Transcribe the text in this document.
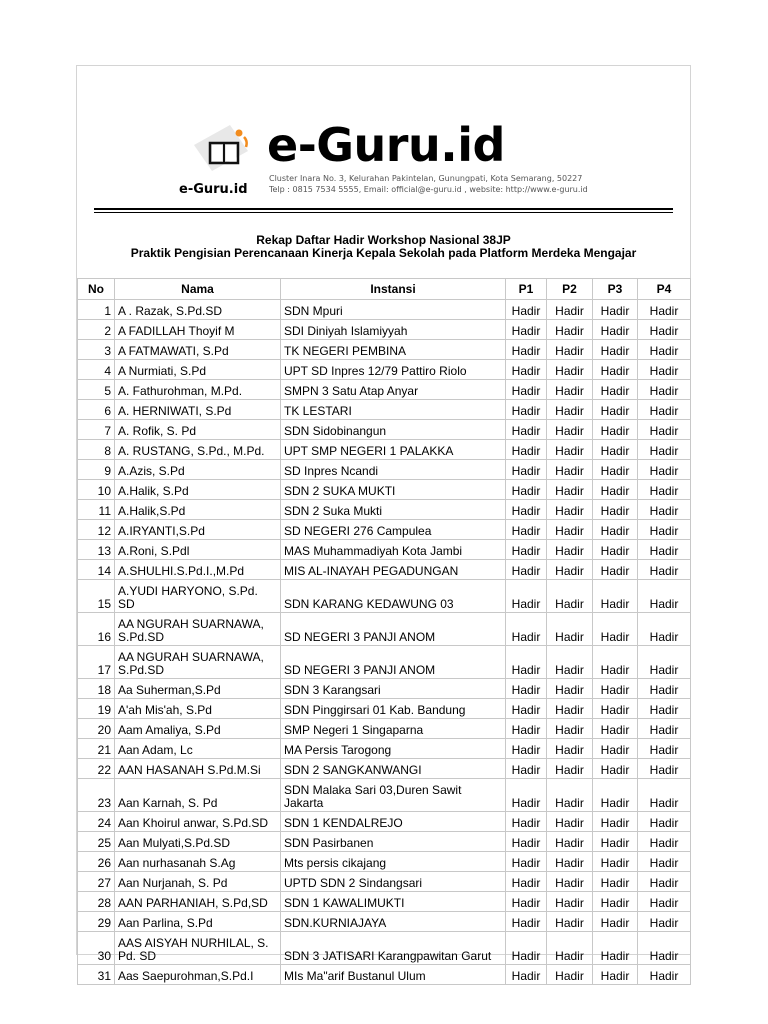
e-Guru.id
e-Guru.id
Cluster Inara No. 3, Kelurahan Pakintelan, Gunungpati, Kota Semarang, 50227
Telp : 0815 7534 5555, Email: official@e-guru.id , website: http://www.e-guru.id
Rekap Daftar Hadir Workshop Nasional 38JP
Praktik Pengisian Perencanaan Kinerja Kepala Sekolah pada Platform Merdeka Mengajar
No	Nama	Instansi	P1	P2	P3	P4
1	A . Razak, S.Pd.SD	SDN Mpuri	Hadir	Hadir	Hadir	Hadir
2	A FADILLAH Thoyif M	SDI Diniyah Islamiyyah	Hadir	Hadir	Hadir	Hadir
3	A FATMAWATI, S.Pd	TK NEGERI PEMBINA	Hadir	Hadir	Hadir	Hadir
4	A Nurmiati, S.Pd	UPT SD Inpres 12/79 Pattiro Riolo	Hadir	Hadir	Hadir	Hadir
5	A. Fathurohman, M.Pd.	SMPN 3 Satu Atap Anyar	Hadir	Hadir	Hadir	Hadir
6	A. HERNIWATI, S.Pd	TK LESTARI	Hadir	Hadir	Hadir	Hadir
7	A. Rofik, S. Pd	SDN Sidobinangun	Hadir	Hadir	Hadir	Hadir
8	A. RUSTANG, S.Pd., M.Pd.	UPT SMP NEGERI 1 PALAKKA	Hadir	Hadir	Hadir	Hadir
9	A.Azis, S.Pd	SD Inpres Ncandi	Hadir	Hadir	Hadir	Hadir
10	A.Halik, S.Pd	SDN 2 SUKA MUKTI	Hadir	Hadir	Hadir	Hadir
11	A.Halik,S.Pd	SDN 2 Suka Mukti	Hadir	Hadir	Hadir	Hadir
12	A.IRYANTI,S.Pd	SD NEGERI 276 Campulea	Hadir	Hadir	Hadir	Hadir
13	A.Roni, S.Pdl	MAS Muhammadiyah Kota Jambi	Hadir	Hadir	Hadir	Hadir
14	A.SHULHI.S.Pd.I.,M.Pd	MIS AL-INAYAH PEGADUNGAN	Hadir	Hadir	Hadir	Hadir
15	A.YUDI HARYONO, S.Pd. SD	SDN KARANG KEDAWUNG 03	Hadir	Hadir	Hadir	Hadir
16	AA NGURAH SUARNAWA, S.Pd.SD	SD NEGERI 3 PANJI ANOM	Hadir	Hadir	Hadir	Hadir
17	AA NGURAH SUARNAWA, S.Pd.SD	SD NEGERI 3 PANJI ANOM	Hadir	Hadir	Hadir	Hadir
18	Aa Suherman,S.Pd	SDN 3 Karangsari	Hadir	Hadir	Hadir	Hadir
19	A'ah Mis'ah, S.Pd	SDN Pinggirsari 01 Kab. Bandung	Hadir	Hadir	Hadir	Hadir
20	Aam Amaliya, S.Pd	SMP Negeri 1 Singaparna	Hadir	Hadir	Hadir	Hadir
21	Aan Adam, Lc	MA Persis Tarogong	Hadir	Hadir	Hadir	Hadir
22	AAN HASANAH S.Pd.M.Si	SDN 2 SANGKANWANGI	Hadir	Hadir	Hadir	Hadir
23	Aan Karnah, S. Pd	SDN Malaka Sari 03,Duren Sawit Jakarta	Hadir	Hadir	Hadir	Hadir
24	Aan Khoirul anwar, S.Pd.SD	SDN 1 KENDALREJO	Hadir	Hadir	Hadir	Hadir
25	Aan Mulyati,S.Pd.SD	SDN Pasirbanen	Hadir	Hadir	Hadir	Hadir
26	Aan nurhasanah S.Ag	Mts persis cikajang	Hadir	Hadir	Hadir	Hadir
27	Aan Nurjanah, S. Pd	UPTD SDN 2 Sindangsari	Hadir	Hadir	Hadir	Hadir
28	AAN PARHANIAH, S.Pd,SD	SDN 1 KAWALIMUKTI	Hadir	Hadir	Hadir	Hadir
29	Aan Parlina, S.Pd	SDN.KURNIAJAYA	Hadir	Hadir	Hadir	Hadir
30	AAS AISYAH NURHILAL, S. Pd. SD	SDN 3 JATISARI Karangpawitan Garut	Hadir	Hadir	Hadir	Hadir
31	Aas Saepurohman,S.Pd.I	MIs Ma"arif Bustanul Ulum	Hadir	Hadir	Hadir	Hadir
